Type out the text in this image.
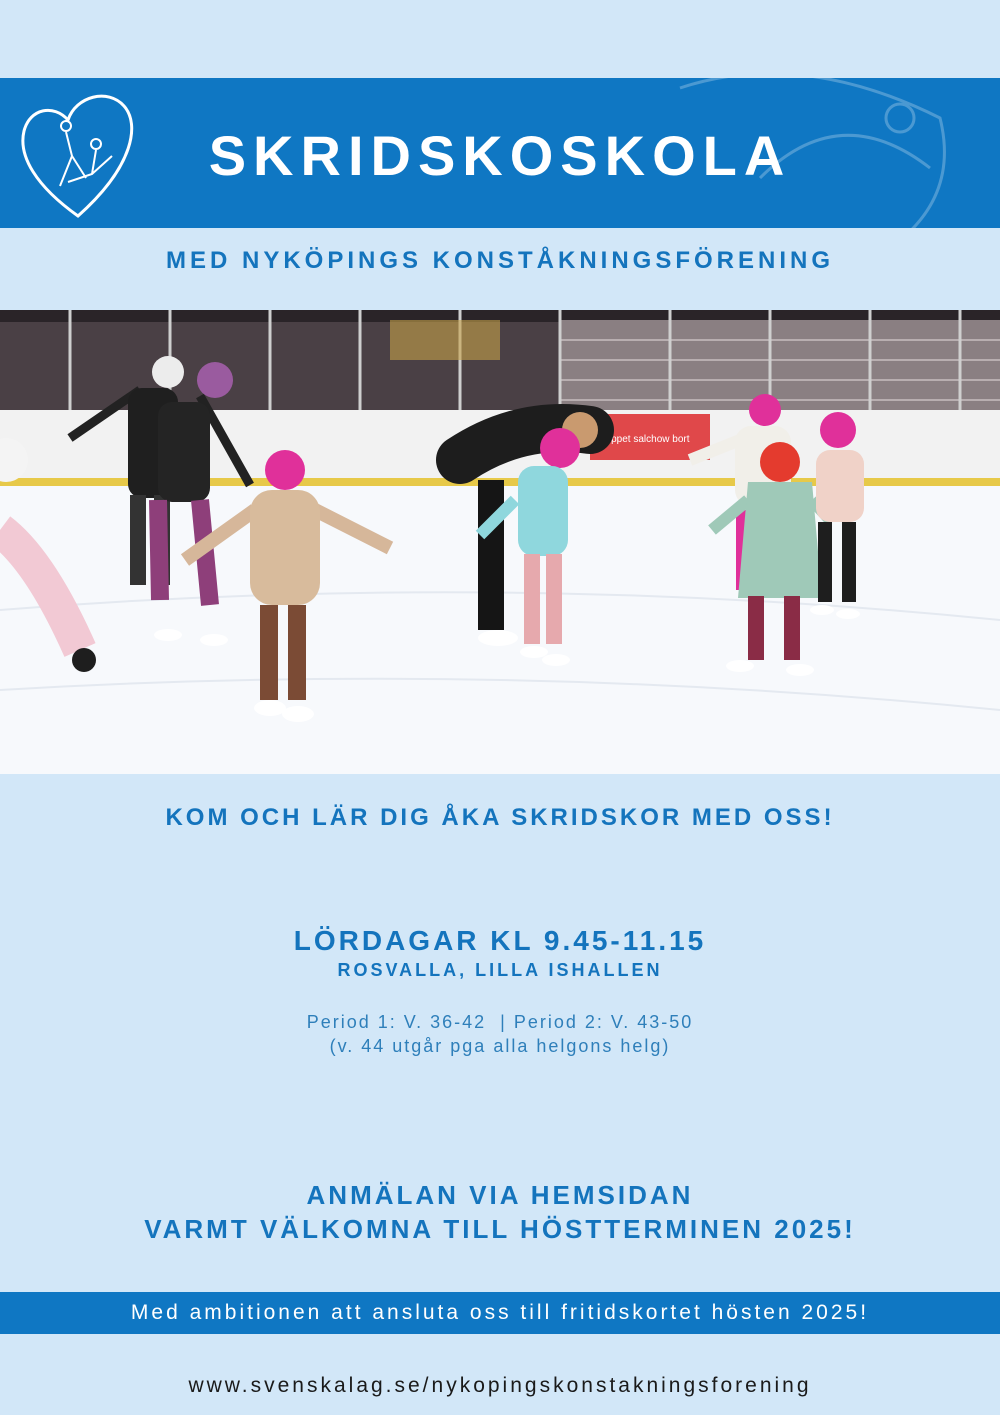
SKRIDSKOSKOLA
MED NYKÖPINGS KONSTÅKNINGSFÖRENING
hoppet salchow bort
KOM OCH LÄR DIG ÅKA SKRIDSKOR MED OSS!
LÖRDAGAR KL 9.45-11.15
ROSVALLA, LILLA ISHALLEN
Period 1: V. 36-42  | Period 2: V. 43-50
(v. 44 utgår pga alla helgons helg)
ANMÄLAN VIA HEMSIDAN
VARMT VÄLKOMNA TILL HÖSTTERMINEN 2025!
Med ambitionen att ansluta oss till fritidskortet hösten 2025!
www.svenskalag.se/nykopingskonstakningsforening
